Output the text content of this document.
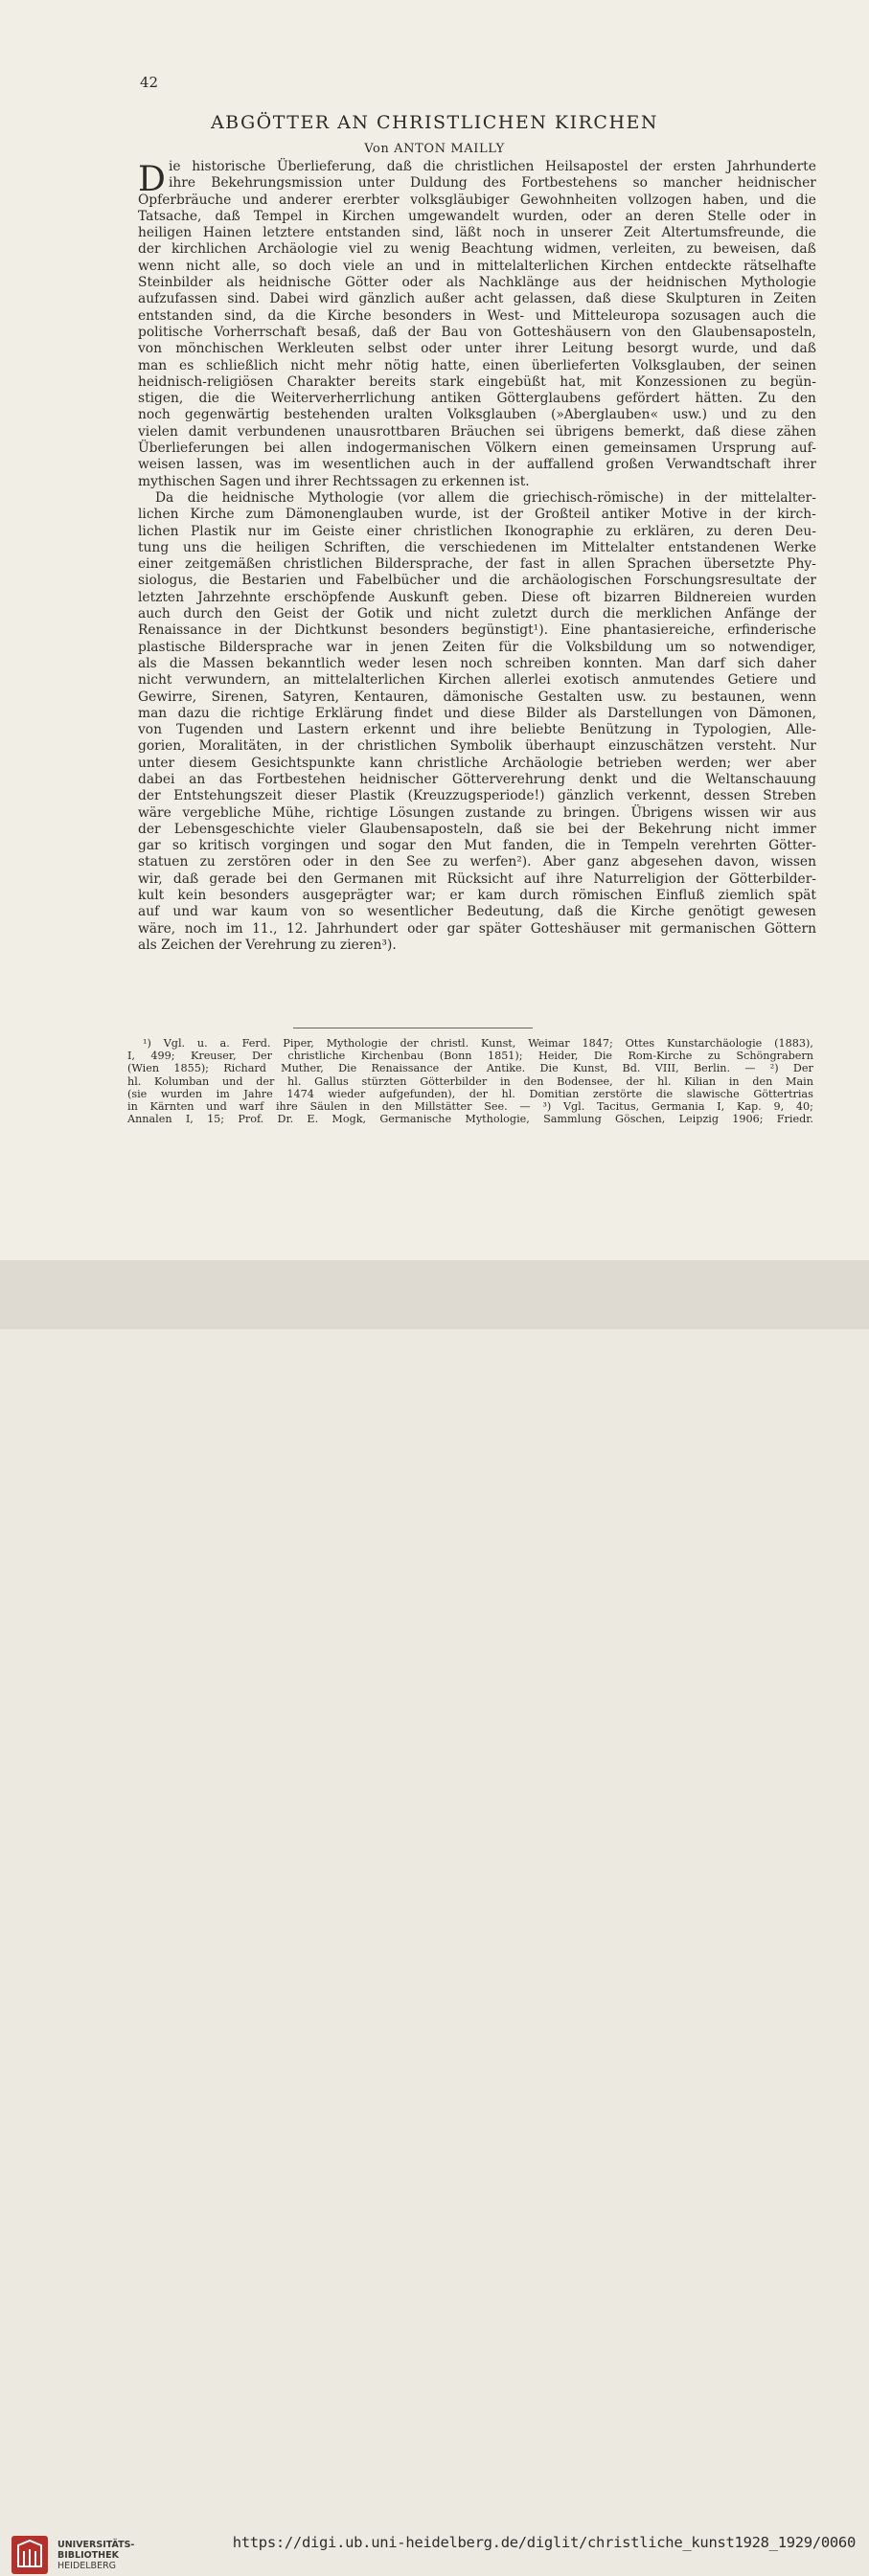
42
ABGÖTTER AN CHRISTLICHEN KIRCHEN
Von ANTON MAILLY
D ie historische Überlieferung, daß die christlichen Heilsapostel der ersten Jahrhunderte
ihre Bekehrungsmission unter Duldung des Fortbestehens so mancher heidnischer
Opferbräuche und anderer ererbter volksgläubiger Gewohnheiten vollzogen haben, und die
Tatsache, daß Tempel in Kirchen umgewandelt wurden, oder an deren Stelle oder in
heiligen Hainen letztere entstanden sind, läßt noch in unserer Zeit Altertumsfreunde, die
der kirchlichen Archäologie viel zu wenig Beachtung widmen, verleiten, zu beweisen, daß
wenn nicht alle, so doch viele an und in mittelalterlichen Kirchen entdeckte rätselhafte
Steinbilder als heidnische Götter oder als Nachklänge aus der heidnischen Mythologie
aufzufassen sind. Dabei wird gänzlich außer acht gelassen, daß diese Skulpturen in Zeiten
entstanden sind, da die Kirche besonders in West- und Mitteleuropa sozusagen auch die
politische Vorherrschaft besaß, daß der Bau von Gotteshäusern von den Glaubensaposteln,
von mönchischen Werkleuten selbst oder unter ihrer Leitung besorgt wurde, und daß
man es schließlich nicht mehr nötig hatte, einen überlieferten Volksglauben, der seinen
heidnisch-religiösen Charakter bereits stark eingebüßt hat, mit Konzessionen zu begün-
stigen, die die Weiterverherrlichung antiken Götterglaubens gefördert hätten. Zu den
noch gegenwärtig bestehenden uralten Volksglauben (»Aberglauben« usw.) und zu den
vielen damit verbundenen unausrottbaren Bräuchen sei übrigens bemerkt, daß diese zähen
Überlieferungen bei allen indogermanischen Völkern einen gemeinsamen Ursprung auf-
weisen lassen, was im wesentlichen auch in der auffallend großen Verwandtschaft ihrer
mythischen Sagen und ihrer Rechtssagen zu erkennen ist.
Da die heidnische Mythologie (vor allem die griechisch-römische) in der mittelalter-
lichen Kirche zum Dämonenglauben wurde, ist der Großteil antiker Motive in der kirch-
lichen Plastik nur im Geiste einer christlichen Ikonographie zu erklären, zu deren Deu-
tung uns die heiligen Schriften, die verschiedenen im Mittelalter entstandenen Werke
einer zeitgemäßen christlichen Bildersprache, der fast in allen Sprachen übersetzte Phy-
siologus, die Bestarien und Fabelbücher und die archäologischen Forschungsresultate der
letzten Jahrzehnte erschöpfende Auskunft geben. Diese oft bizarren Bildnereien wurden
auch durch den Geist der Gotik und nicht zuletzt durch die merklichen Anfänge der
Renaissance in der Dichtkunst besonders begünstigt¹). Eine phantasiereiche, erfinderische
plastische Bildersprache war in jenen Zeiten für die Volksbildung um so notwendiger,
als die Massen bekanntlich weder lesen noch schreiben konnten. Man darf sich daher
nicht verwundern, an mittelalterlichen Kirchen allerlei exotisch anmutendes Getiere und
Gewirre, Sirenen, Satyren, Kentauren, dämonische Gestalten usw. zu bestaunen, wenn
man dazu die richtige Erklärung findet und diese Bilder als Darstellungen von Dämonen,
von Tugenden und Lastern erkennt und ihre beliebte Benützung in Typologien, Alle-
gorien, Moralitäten, in der christlichen Symbolik überhaupt einzuschätzen versteht. Nur
unter diesem Gesichtspunkte kann christliche Archäologie betrieben werden; wer aber
dabei an das Fortbestehen heidnischer Götterverehrung denkt und die Weltanschauung
der Entstehungszeit dieser Plastik (Kreuzzugsperiode!) gänzlich verkennt, dessen Streben
wäre vergebliche Mühe, richtige Lösungen zustande zu bringen. Übrigens wissen wir aus
der Lebensgeschichte vieler Glaubensaposteln, daß sie bei der Bekehrung nicht immer
gar so kritisch vorgingen und sogar den Mut fanden, die in Tempeln verehrten Götter-
statuen zu zerstören oder in den See zu werfen²). Aber ganz abgesehen davon, wissen
wir, daß gerade bei den Germanen mit Rücksicht auf ihre Naturreligion der Götterbilder-
kult kein besonders ausgeprägter war; er kam durch römischen Einfluß ziemlich spät
auf und war kaum von so wesentlicher Bedeutung, daß die Kirche genötigt gewesen
wäre, noch im 11., 12. Jahrhundert oder gar später Gotteshäuser mit germanischen Göttern
als Zeichen der Verehrung zu zieren³).
¹) Vgl. u. a. Ferd. Piper, Mythologie der christl. Kunst, Weimar 1847; Ottes Kunstarchäologie (1883),
I, 499; Kreuser, Der christliche Kirchenbau (Bonn 1851); Heider, Die Rom-Kirche zu Schöngrabern
(Wien 1855); Richard Muther, Die Renaissance der Antike. Die Kunst, Bd. VIII, Berlin. — ²) Der
hl. Kolumban und der hl. Gallus stürzten Götterbilder in den Bodensee, der hl. Kilian in den Main
(sie wurden im Jahre 1474 wieder aufgefunden), der hl. Domitian zerstörte die slawische Göttertrias
in Kärnten und warf ihre Säulen in den Millstätter See. — ³) Vgl. Tacitus, Germania I, Kap. 9, 40;
Annalen I, 15; Prof. Dr. E. Mogk, Germanische Mythologie, Sammlung Göschen, Leipzig 1906; Friedr.
UNIVERSITÄTS-
BIBLIOTHEK
HEIDELBERG
https://digi.ub.uni-heidelberg.de/diglit/christliche_kunst1928_1929/0060
